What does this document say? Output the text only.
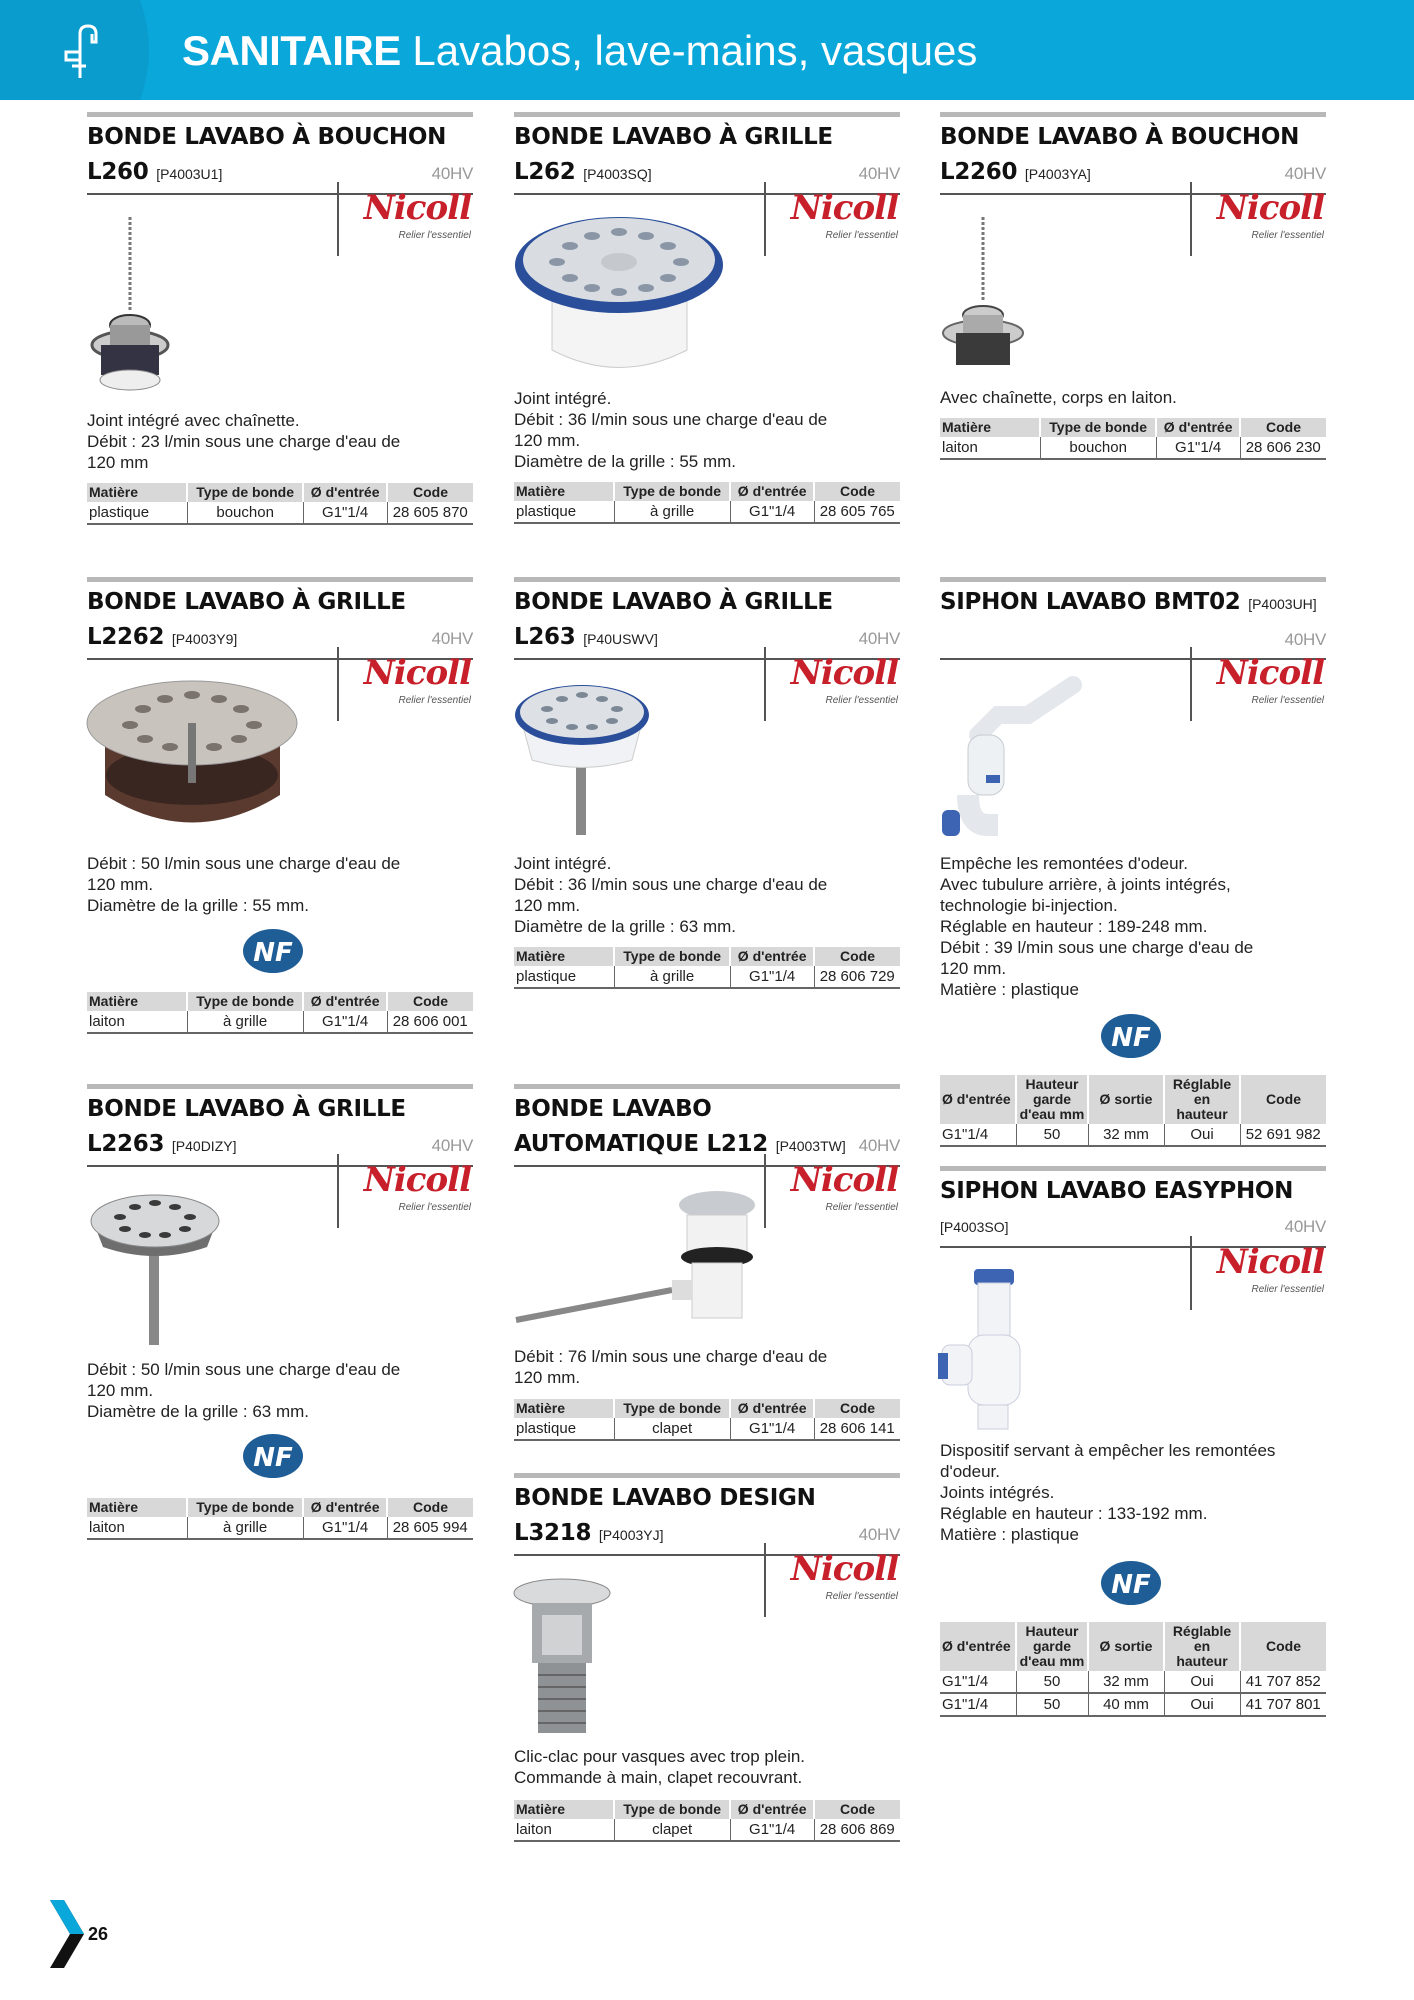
SANITAIRE Lavabos, lave-mains, vasques
BONDE LAVABO À BOUCHON
L260 [P4003U1]	40HV
Nicoll
Relier l'essentiel
Joint intégré avec chaînette.
Débit : 23 l/min sous une charge d'eau de
120 mm
Matière	Type de bonde	Ø d'entrée	Code
plastique	bouchon	G1"1/4	28 605 870
BONDE LAVABO À GRILLE
L262 [P4003SQ]	40HV
Nicoll
Relier l'essentiel
Joint intégré.
Débit : 36 l/min sous une charge d'eau de
120 mm.
Diamètre de la grille : 55 mm.
Matière	Type de bonde	Ø d'entrée	Code
plastique	à grille	G1"1/4	28 605 765
BONDE LAVABO À BOUCHON
L2260 [P4003YA]	40HV
Nicoll
Relier l'essentiel
Avec chaînette, corps en laiton.
Matière	Type de bonde	Ø d'entrée	Code
laiton	bouchon	G1"1/4	28 606 230
BONDE LAVABO À GRILLE
L2262 [P4003Y9]	40HV
Nicoll
Relier l'essentiel
Débit : 50 l/min sous une charge d'eau de
120 mm.
Diamètre de la grille : 55 mm.
NF
Matière	Type de bonde	Ø d'entrée	Code
laiton	à grille	G1"1/4	28 606 001
BONDE LAVABO À GRILLE
L263 [P40USWV]	40HV
Nicoll
Relier l'essentiel
Joint intégré.
Débit : 36 l/min sous une charge d'eau de
120 mm.
Diamètre de la grille : 63 mm.
Matière	Type de bonde	Ø d'entrée	Code
plastique	à grille	G1"1/4	28 606 729
SIPHON LAVABO BMT02 [P4003UH]
40HV
Nicoll
Relier l'essentiel
Empêche les remontées d'odeur.
Avec tubulure arrière, à joints intégrés,
technologie bi-injection.
Réglable en hauteur : 189-248 mm.
Débit : 39 l/min sous une charge d'eau de
120 mm.
Matière : plastique
NF
Ø d'entrée	Hauteur garde d'eau mm	Ø sortie	Réglable en hauteur	Code
G1"1/4	50	32 mm	Oui	52 691 982
BONDE LAVABO À GRILLE
L2263 [P40DIZY]	40HV
Nicoll
Relier l'essentiel
Débit : 50 l/min sous une charge d'eau de
120 mm.
Diamètre de la grille : 63 mm.
NF
Matière	Type de bonde	Ø d'entrée	Code
laiton	à grille	G1"1/4	28 605 994
BONDE LAVABO
AUTOMATIQUE L212 [P4003TW] 40HV
Nicoll
Relier l'essentiel
Débit : 76 l/min sous une charge d'eau de
120 mm.
Matière	Type de bonde	Ø d'entrée	Code
plastique	clapet	G1"1/4	28 606 141
SIPHON LAVABO EASYPHON
[P4003SO]	40HV
Nicoll
Relier l'essentiel
Dispositif servant à empêcher les remontées
d'odeur.
Joints intégrés.
Réglable en hauteur : 133-192 mm.
Matière : plastique
NF
Ø d'entrée	Hauteur garde d'eau mm	Ø sortie	Réglable en hauteur	Code
G1"1/4	50	32 mm	Oui	41 707 852
G1"1/4	50	40 mm	Oui	41 707 801
BONDE LAVABO DESIGN
L3218 [P4003YJ]	40HV
Nicoll
Relier l'essentiel
Clic-clac pour vasques avec trop plein.
Commande à main, clapet recouvrant.
Matière	Type de bonde	Ø d'entrée	Code
laiton	clapet	G1"1/4	28 606 869
26
